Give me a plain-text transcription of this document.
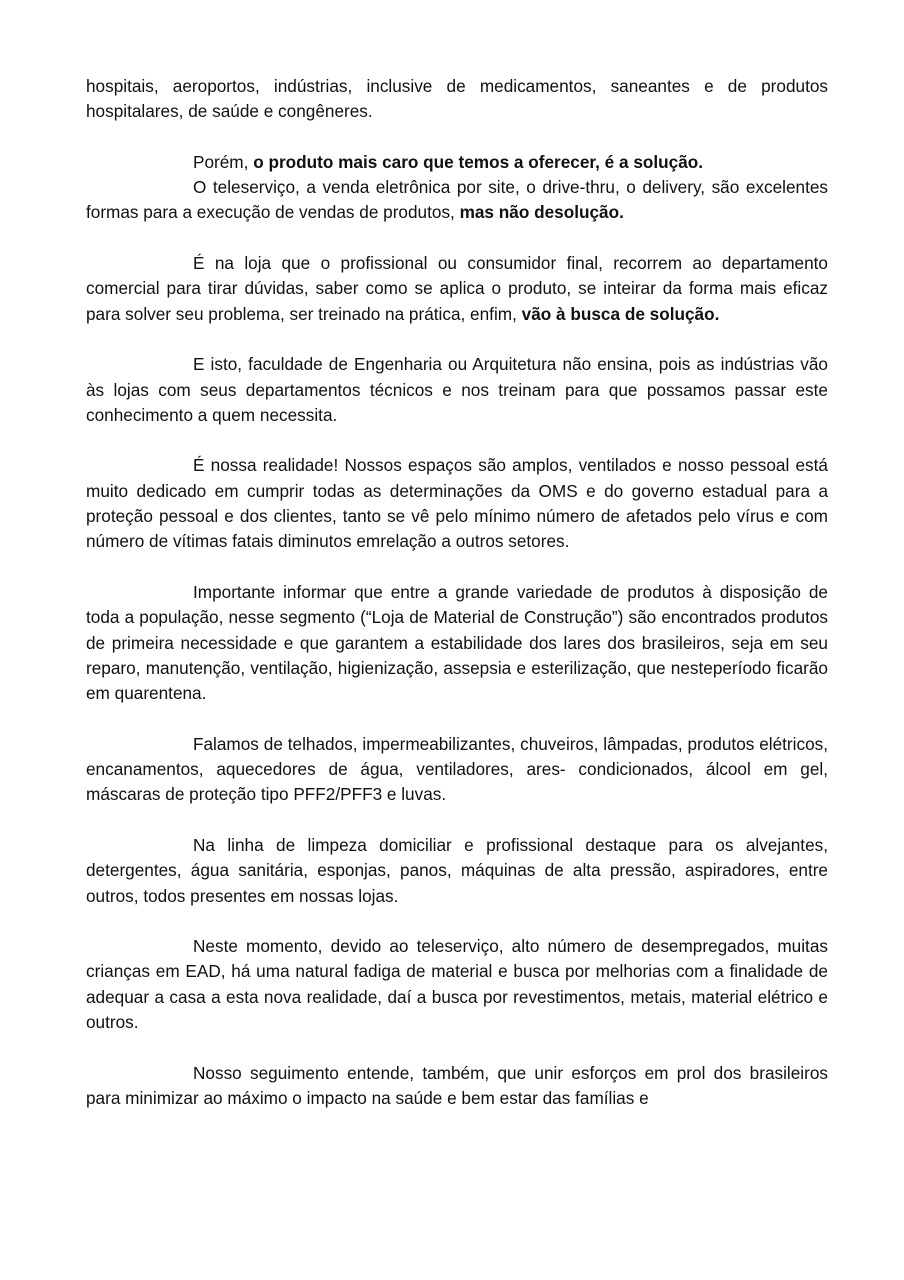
hospitais, aeroportos, indústrias, inclusive de medicamentos, saneantes e de produtos hospitalares, de saúde e congêneres.

Porém, o produto mais caro que temos a oferecer, é a solução.

O teleserviço, a venda eletrônica por site, o drive-thru, o delivery, são excelentes formas para a execução de vendas de produtos, mas não desolução.

É na loja que o profissional ou consumidor final, recorrem ao departamento comercial para tirar dúvidas, saber como se aplica o produto, se inteirar da forma mais eficaz para solver seu problema, ser treinado na prática, enfim, vão à busca de solução.

E isto, faculdade de Engenharia ou Arquitetura não ensina, pois as indústrias vão às lojas com seus departamentos técnicos e nos treinam para que possamos passar este conhecimento a quem necessita.

É nossa realidade! Nossos espaços são amplos, ventilados e nosso pessoal está muito dedicado em cumprir todas as determinações da OMS e do governo estadual para a proteção pessoal e dos clientes, tanto se vê pelo mínimo número de afetados pelo vírus e com número de vítimas fatais diminutos emrelação a outros setores.

Importante informar que entre a grande variedade de produtos à disposição de toda a população, nesse segmento (“Loja de Material de Construção”) são encontrados produtos de primeira necessidade e que garantem a estabilidade dos lares dos brasileiros, seja em seu reparo, manutenção, ventilação, higienização, assepsia e esterilização, que nesteperíodo ficarão em quarentena.

Falamos de telhados, impermeabilizantes, chuveiros, lâmpadas, produtos elétricos, encanamentos, aquecedores de água, ventiladores, ares- condicionados, álcool em gel, máscaras de proteção tipo PFF2/PFF3 e luvas.

Na linha de limpeza domiciliar e profissional destaque para os alvejantes, detergentes, água sanitária, esponjas, panos, máquinas de alta pressão, aspiradores, entre outros, todos presentes em nossas lojas.

Neste momento, devido ao teleserviço, alto número de desempregados, muitas crianças em EAD, há uma natural fadiga de material e busca por melhorias com a finalidade de adequar a casa a esta nova realidade, daí a busca por revestimentos, metais, material elétrico e outros.

Nosso seguimento entende, também, que unir esforços em prol dos brasileiros para minimizar ao máximo o impacto na saúde e bem estar das famílias e
